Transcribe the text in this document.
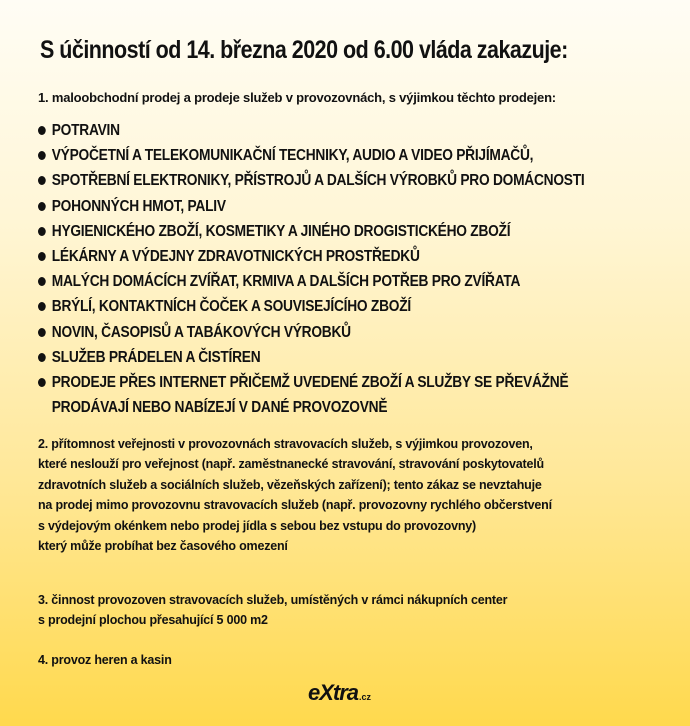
S účinností od 14. března 2020 od 6.00 vláda zakazuje:
1. maloobchodní prodej a prodeje služeb v provozovnách, s výjimkou těchto prodejen:
POTRAVIN
VÝPOČETNÍ A TELEKOMUNIKAČNÍ TECHNIKY, AUDIO A VIDEO PŘIJÍMAČŮ,
SPOTŘEBNÍ ELEKTRONIKY, PŘÍSTROJŮ A DALŠÍCH VÝROBKŮ PRO DOMÁCNOSTI
POHONNÝCH HMOT, PALIV
HYGIENICKÉHO ZBOŽÍ, KOSMETIKY A JINÉHO DROGISTICKÉHO ZBOŽÍ
LÉKÁRNY A VÝDEJNY ZDRAVOTNICKÝCH PROSTŘEDKŮ
MALÝCH DOMÁCÍCH ZVÍŘAT, KRMIVA A DALŠÍCH POTŘEB PRO ZVÍŘATA
BRÝLÍ, KONTAKTNÍCH ČOČEK A SOUVISEJÍCÍHO ZBOŽÍ
NOVIN, ČASOPISŮ A TABÁKOVÝCH VÝROBKŮ
SLUŽEB PRÁDELEN A ČISTÍREN
PRODEJE PŘES INTERNET PŘIČEMŽ UVEDENÉ ZBOŽÍ A SLUŽBY SE PŘEVÁŽNĚ
PRODÁVAJÍ NEBO NABÍZEJÍ V DANÉ PROVOZOVNĚ
2. přítomnost veřejnosti v provozovnách stravovacích služeb, s výjimkou provozoven,
které neslouží pro veřejnost (např. zaměstnanecké stravování, stravování poskytovatelů
zdravotních služeb a sociálních služeb, vězeňských zařízení); tento zákaz se nevztahuje
na prodej mimo provozovnu stravovacích služeb (např. provozovny rychlého občerstvení
s výdejovým okénkem nebo prodej jídla s sebou bez vstupu do provozovny)
který může probíhat bez časového omezení
3. činnost provozoven stravovacích služeb, umístěných v rámci nákupních center
s prodejní plochou přesahující 5 000 m2
4. provoz heren a kasin
eXtra.cz
